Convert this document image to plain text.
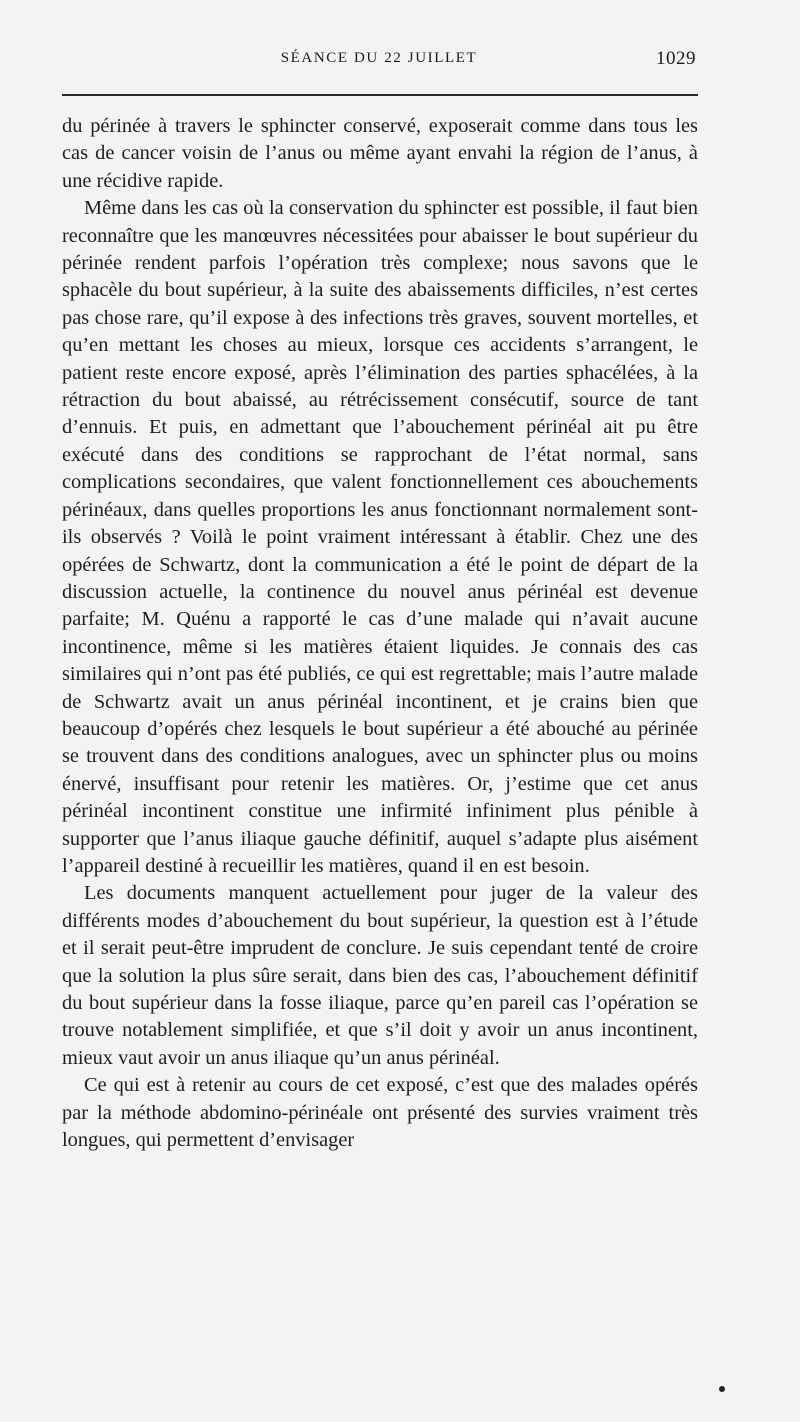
SÉANCE DU 22 JUILLET	1029

du périnée à travers le sphincter conservé, exposerait comme dans tous les cas de cancer voisin de l’anus ou même ayant envahi la région de l’anus, à une récidive rapide.

Même dans les cas où la conservation du sphincter est possible, il faut bien reconnaître que les manœuvres nécessitées pour abaisser le bout supérieur du périnée rendent parfois l’opération très complexe; nous savons que le sphacèle du bout supérieur, à la suite des abaissements difficiles, n’est certes pas chose rare, qu’il expose à des infections très graves, souvent mortelles, et qu’en mettant les choses au mieux, lorsque ces accidents s’arrangent, le patient reste encore exposé, après l’élimination des parties sphacélées, à la rétraction du bout abaissé, au rétrécissement consécutif, source de tant d’ennuis. Et puis, en admettant que l’abouchement périnéal ait pu être exécuté dans des conditions se rapprochant de l’état normal, sans complications secondaires, que valent fonctionnellement ces abouchements périnéaux, dans quelles proportions les anus fonctionnant normalement sont-ils observés ? Voilà le point vraiment intéressant à établir. Chez une des opérées de Schwartz, dont la communication a été le point de départ de la discussion actuelle, la continence du nouvel anus périnéal est devenue parfaite; M. Quénu a rapporté le cas d’une malade qui n’avait aucune incontinence, même si les matières étaient liquides. Je connais des cas similaires qui n’ont pas été publiés, ce qui est regrettable; mais l’autre malade de Schwartz avait un anus périnéal incontinent, et je crains bien que beaucoup d’opérés chez lesquels le bout supérieur a été abouché au périnée se trouvent dans des conditions analogues, avec un sphincter plus ou moins énervé, insuffisant pour retenir les matières. Or, j’estime que cet anus périnéal incontinent constitue une infirmité infiniment plus pénible à supporter que l’anus iliaque gauche définitif, auquel s’adapte plus aisément l’appareil destiné à recueillir les matières, quand il en est besoin.

Les documents manquent actuellement pour juger de la valeur des différents modes d’abouchement du bout supérieur, la question est à l’étude et il serait peut-être imprudent de conclure. Je suis cependant tenté de croire que la solution la plus sûre serait, dans bien des cas, l’abouchement définitif du bout supérieur dans la fosse iliaque, parce qu’en pareil cas l’opération se trouve notablement simplifiée, et que s’il doit y avoir un anus incontinent, mieux vaut avoir un anus iliaque qu’un anus périnéal.

Ce qui est à retenir au cours de cet exposé, c’est que des malades opérés par la méthode abdomino-périnéale ont présenté des survies vraiment très longues, qui permettent d’envisager
